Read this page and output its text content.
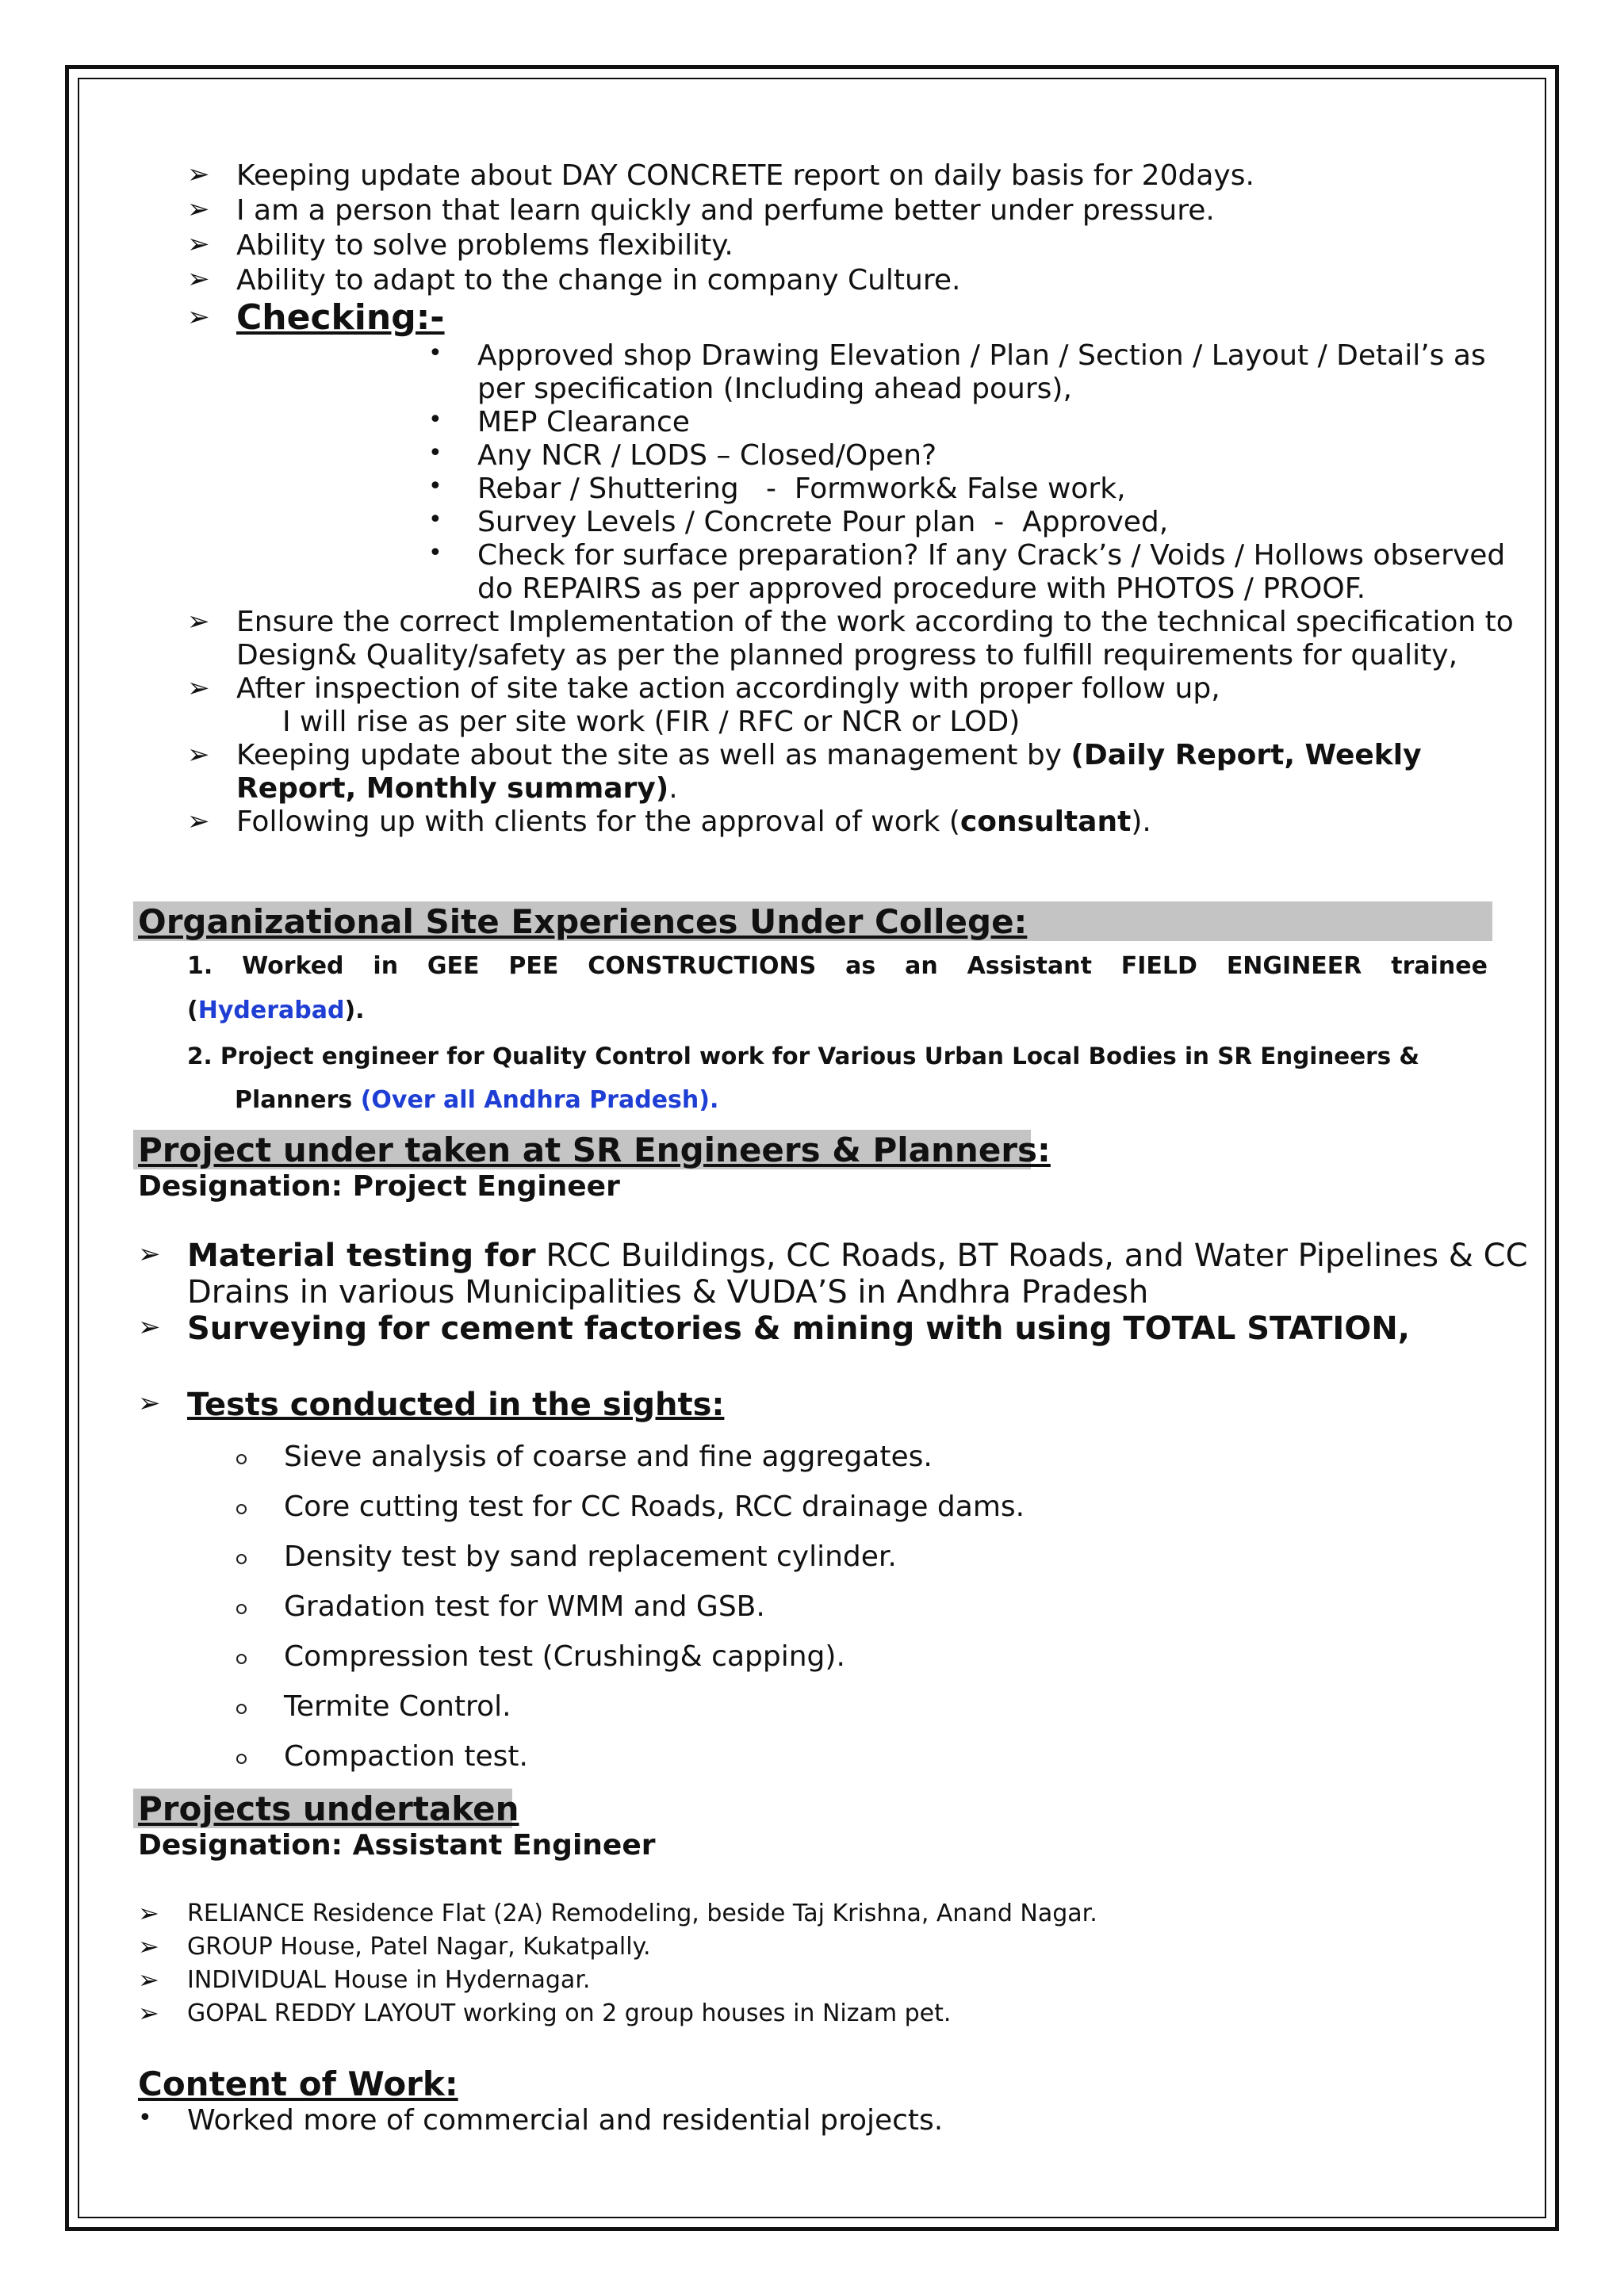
➢ Keeping update about DAY CONCRETE report on daily basis for 20days.
➢ I am a person that learn quickly and perfume better under pressure.
➢ Ability to solve problems flexibility.
➢ Ability to adapt to the change in company Culture.
➢ Checking:-
• Approved shop Drawing Elevation / Plan / Section / Layout / Detail’s as
per specification (Including ahead pours),
• MEP Clearance
• Any NCR / LODS – Closed/Open?
• Rebar / Shuttering   -  Formwork& False work,
• Survey Levels / Concrete Pour plan  -  Approved,
• Check for surface preparation? If any Crack’s / Voids / Hollows observed
do REPAIRS as per approved procedure with PHOTOS / PROOF.
➢ Ensure the correct Implementation of the work according to the technical specification to
Design& Quality/safety as per the planned progress to fulfill requirements for quality,
➢ After inspection of site take action accordingly with proper follow up,
I will rise as per site work (FIR / RFC or NCR or LOD)
➢ Keeping update about the site as well as management by (Daily Report, Weekly
Report, Monthly summary).
➢ Following up with clients for the approval of work (consultant).
Organizational Site Experiences Under College:
1. Worked in GEE PEE CONSTRUCTIONS as an Assistant FIELD ENGINEER trainee
(Hyderabad).
2. Project engineer for Quality Control work for Various Urban Local Bodies in SR Engineers &
Planners (Over all Andhra Pradesh).
Project under taken at SR Engineers & Planners:
Designation: Project Engineer
➢ Material testing for RCC Buildings, CC Roads, BT Roads, and Water Pipelines & CC
Drains in various Municipalities & VUDA’S in Andhra Pradesh
➢ Surveying for cement factories & mining with using TOTAL STATION,
➢ Tests conducted in the sights:
Sieve analysis of coarse and fine aggregates.
Core cutting test for CC Roads, RCC drainage dams.
Density test by sand replacement cylinder.
Gradation test for WMM and GSB.
Compression test (Crushing& capping).
Termite Control.
Compaction test.
Projects undertaken
Designation: Assistant Engineer
➢ RELIANCE Residence Flat (2A) Remodeling, beside Taj Krishna, Anand Nagar.
➢ GROUP House, Patel Nagar, Kukatpally.
➢ INDIVIDUAL House in Hydernagar.
➢ GOPAL REDDY LAYOUT working on 2 group houses in Nizam pet.
Content of Work:
• Worked more of commercial and residential projects.
